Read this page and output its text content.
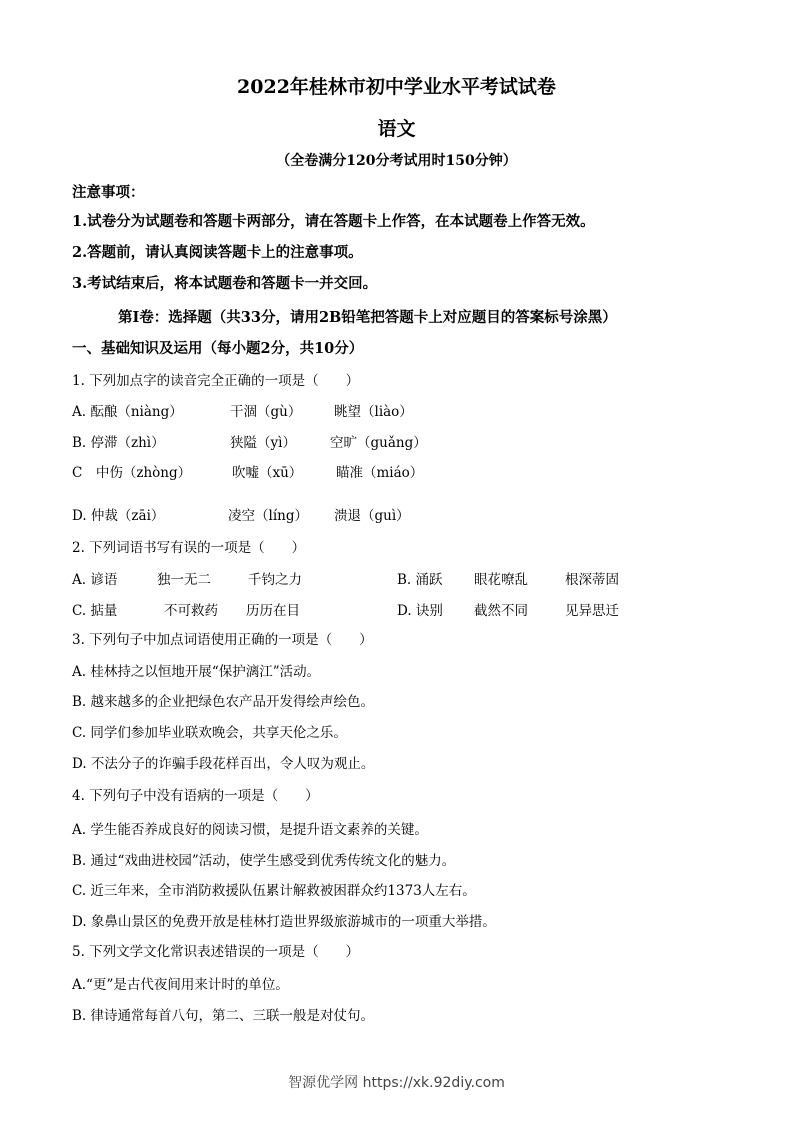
2022年桂林市初中学业水平考试试卷
语文
（全卷满分120分考试用时150分钟）
注意事项：
1.试卷分为试题卷和答题卡两部分，请在答题卡上作答，在本试题卷上作答无效。
2.答题前，请认真阅读答题卡上的注意事项。
3.考试结束后，将本试题卷和答题卡一并交回。
第Ⅰ卷：选择题（共33分，请用2B铅笔把答题卡上对应题目的答案标号涂黑）
一、基础知识及运用（每小题2分，共10分）
1. 下列加点字的读音完全正确的一项是（　　）
A. 酝酿（niàng）	干涸（gù） 眺望（liào）
B. 停滞（zhì）	狭隘（yì）	空旷（guǎng）
C　中伤（zhòng）	吹嘘（xū） 瞄准（miáo）
D. 仲裁（zāi）	凌空（líng） 溃退（guì）
2. 下列词语书写有误的一项是（　　）
A. 谚语	独一无二	千钧之力	B. 涌跃 眼花嘹乱	根深蒂固
C. 掂量	不可救药 历历在目	D. 诀别 截然不同	见异思迁
3. 下列句子中加点词语使用正确的一项是（　　）
A. 桂林持之以恒地开展“保护漓江”活动。
B. 越来越多的企业把绿色农产品开发得绘声绘色。
C. 同学们参加毕业联欢晚会，共享天伦之乐。
D. 不法分子的诈骗手段花样百出，令人叹为观止。
4. 下列句子中没有语病的一项是（　　）
A. 学生能否养成良好的阅读习惯，是提升语文素养的关键。
B. 通过“戏曲进校园”活动，使学生感受到优秀传统文化的魅力。
C. 近三年来，全市消防救援队伍累计解救被困群众约1373人左右。
D. 象鼻山景区的免费开放是桂林打造世界级旅游城市的一项重大举措。
5. 下列文学文化常识表述错误的一项是（　　）
A.“更”是古代夜间用来计时的单位。
B. 律诗通常每首八句，第二、三联一般是对仗句。
智源优学网 https://xk.92diy.com
